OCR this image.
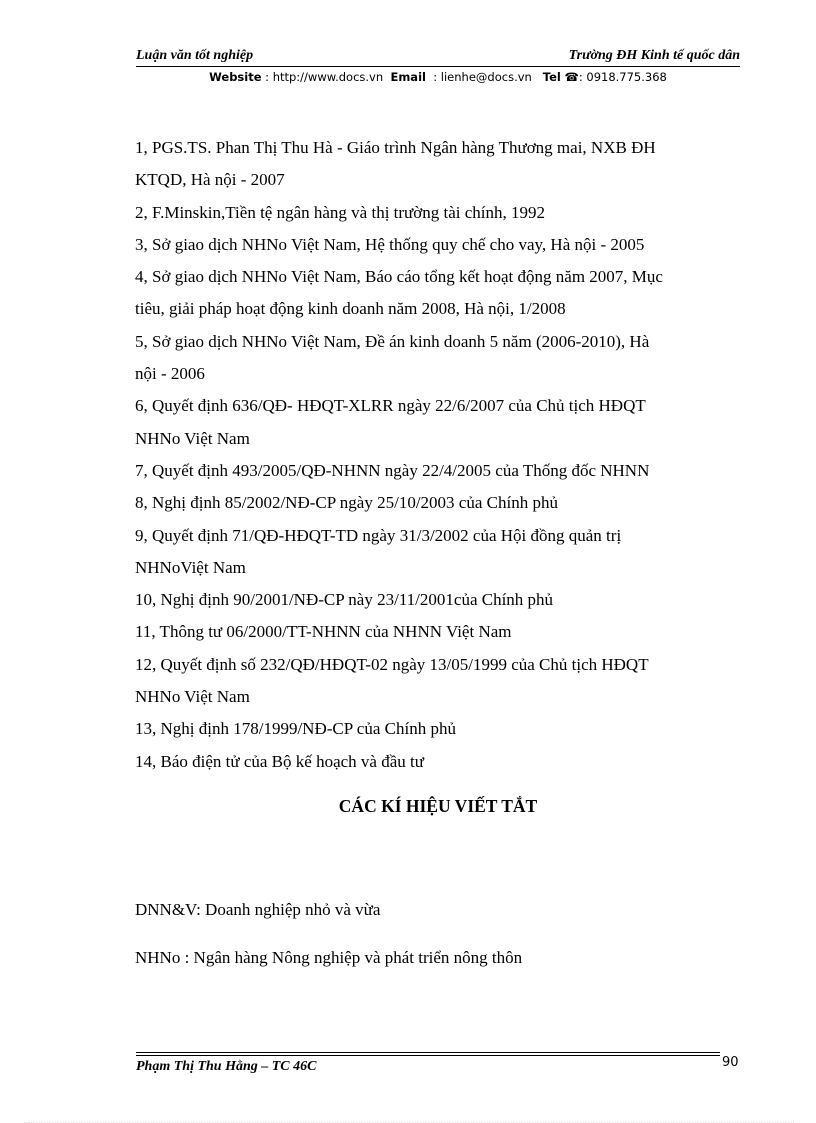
Luận văn tốt nghiệp	Trường ĐH Kinh tế quốc dân
Website : http://www.docs.vn Email : lienhe@docs.vn Tel ☎: 0918.775.368
1, PGS.TS. Phan Thị Thu Hà - Giáo trình Ngân hàng Thương mai, NXB ĐH
KTQD, Hà nội - 2007
2, F.Minskin,Tiền tệ ngân hàng và thị trường tài chính, 1992
3, Sở giao dịch NHNo Việt Nam, Hệ thống quy chế cho vay, Hà nội - 2005
4, Sở giao dịch NHNo Việt Nam, Báo cáo tổng kết hoạt động năm 2007, Mục
tiêu, giải pháp hoạt động kinh doanh năm 2008, Hà nội, 1/2008
5, Sở giao dịch NHNo Việt Nam, Đề án kinh doanh 5 năm (2006-2010), Hà
nội - 2006
6, Quyết định 636/QĐ- HĐQT-XLRR ngày 22/6/2007 của Chủ tịch HĐQT
NHNo Việt Nam
7, Quyết định 493/2005/QĐ-NHNN ngày 22/4/2005 của Thống đốc NHNN
8, Nghị định 85/2002/NĐ-CP ngày 25/10/2003 của Chính phủ
9, Quyết định 71/QĐ-HĐQT-TD ngày 31/3/2002 của Hội đồng quản trị
NHNoViệt Nam
10, Nghị định 90/2001/NĐ-CP này 23/11/2001của Chính phủ
11, Thông tư 06/2000/TT-NHNN của NHNN Việt Nam
12, Quyết định số 232/QĐ/HĐQT-02 ngày 13/05/1999 của Chủ tịch HĐQT
NHNo Việt Nam
13, Nghị định 178/1999/NĐ-CP của Chính phủ
14, Báo điện tử của Bộ kế hoạch và đầu tư
CÁC KÍ HIỆU VIẾT TẮT
DNN&V: Doanh nghiệp nhỏ và vừa
NHNo : Ngân hàng Nông nghiệp và phát triển nông thôn
Phạm Thị Thu Hằng – TC 46C	90
